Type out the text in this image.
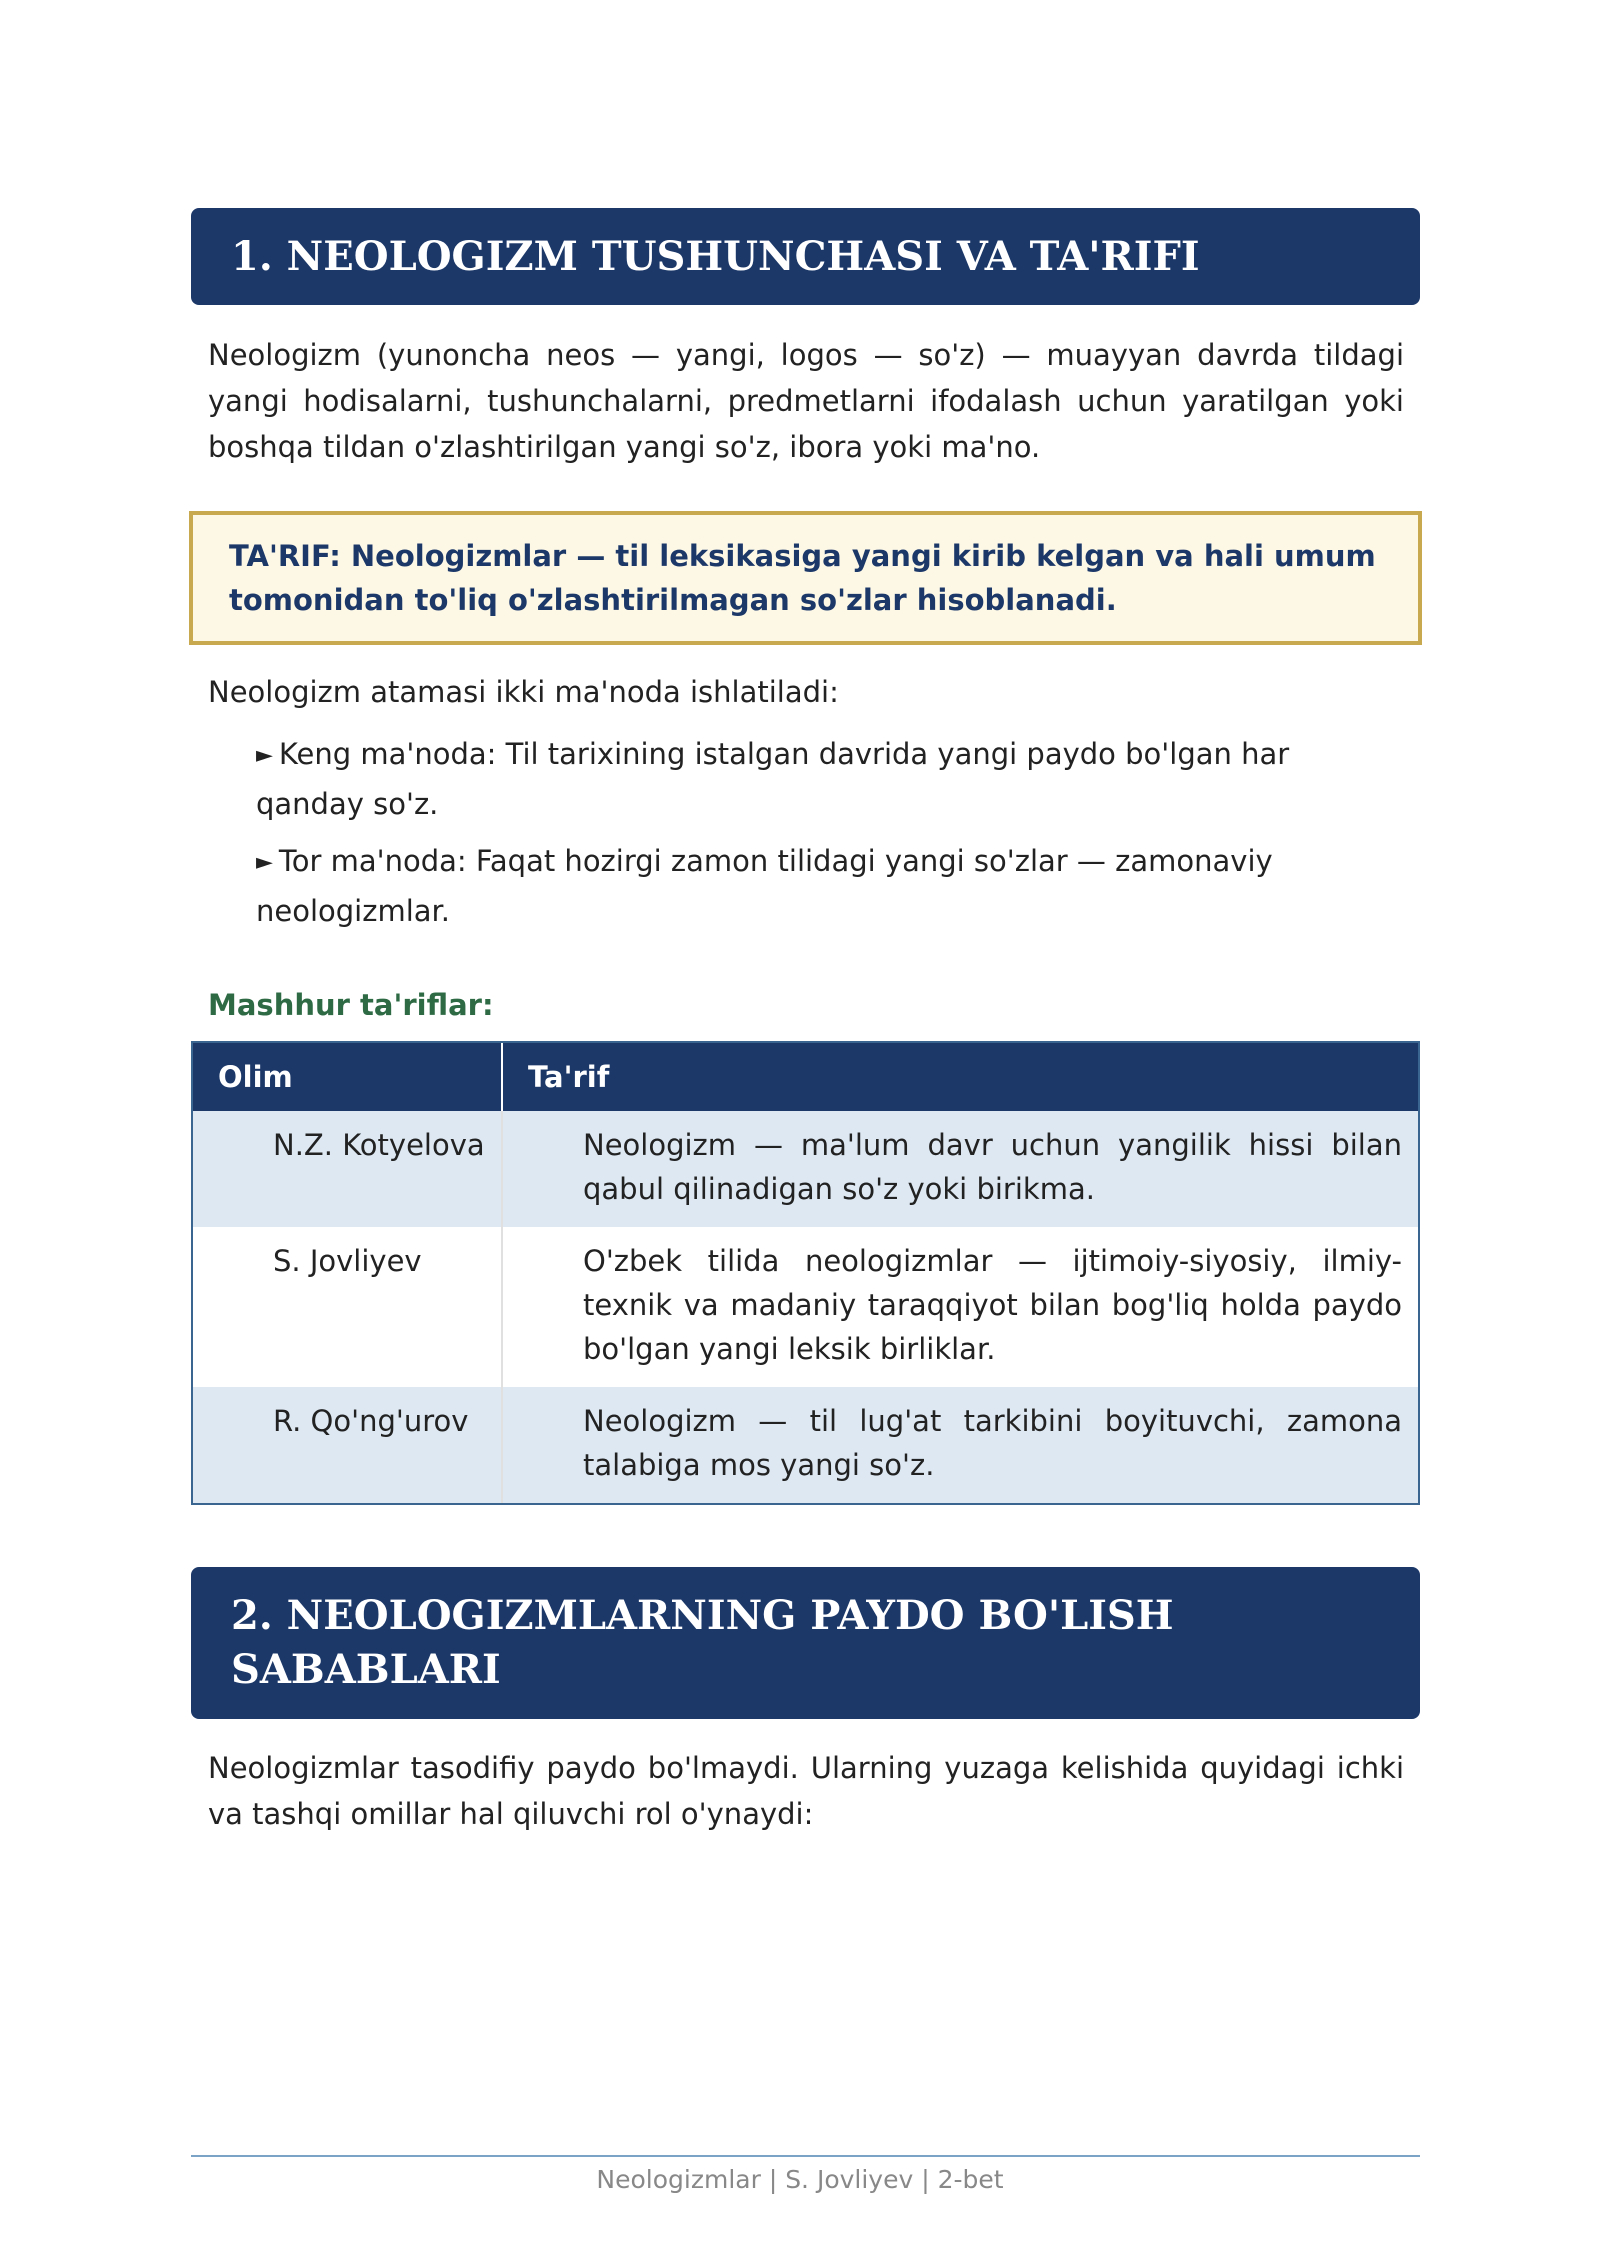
1. NEOLOGIZM TUSHUNCHASI VA TA'RIFI

Neologizm (yunoncha neos — yangi, logos — so'z) — muayyan davrda tildagi yangi hodisalarni, tushunchalarni, predmetlarni ifodalash uchun yaratilgan yoki boshqa tildan o'zlashtirilgan yangi so'z, ibora yoki ma'no.

TA'RIF: Neologizmlar — til leksikasiga yangi kirib kelgan va hali umum tomonidan to'liq o'zlashtirilmagan so'zlar hisoblanadi.

Neologizm atamasi ikki ma'noda ishlatiladi:

► Keng ma'noda: Til tarixining istalgan davrida yangi paydo bo'lgan har qanday so'z.
► Tor ma'noda: Faqat hozirgi zamon tilidagi yangi so'zlar — zamonaviy neologizmlar.
Mashhur ta'riflar:
Olim	Ta'rif
N.Z. Kotyelova	Neologizm — ma'lum davr uchun yangilik hissi bilan qabul qilinadigan so'z yoki birikma.
S. Jovliyev	O'zbek tilida neologizmlar — ijtimoiy-siyosiy, ilmiy-texnik va madaniy taraqqiyot bilan bog'liq holda paydo bo'lgan yangi leksik birliklar.
R. Qo'ng'urov	Neologizm — til lug'at tarkibini boyituvchi, zamona talabiga mos yangi so'z.
2. NEOLOGIZMLARNING PAYDO BO'LISH SABABLARI

Neologizmlar tasodifiy paydo bo'lmaydi. Ularning yuzaga kelishida quyidagi ichki va tashqi omillar hal qiluvchi rol o'ynaydi:

Neologizmlar | S. Jovliyev | 2-bet
